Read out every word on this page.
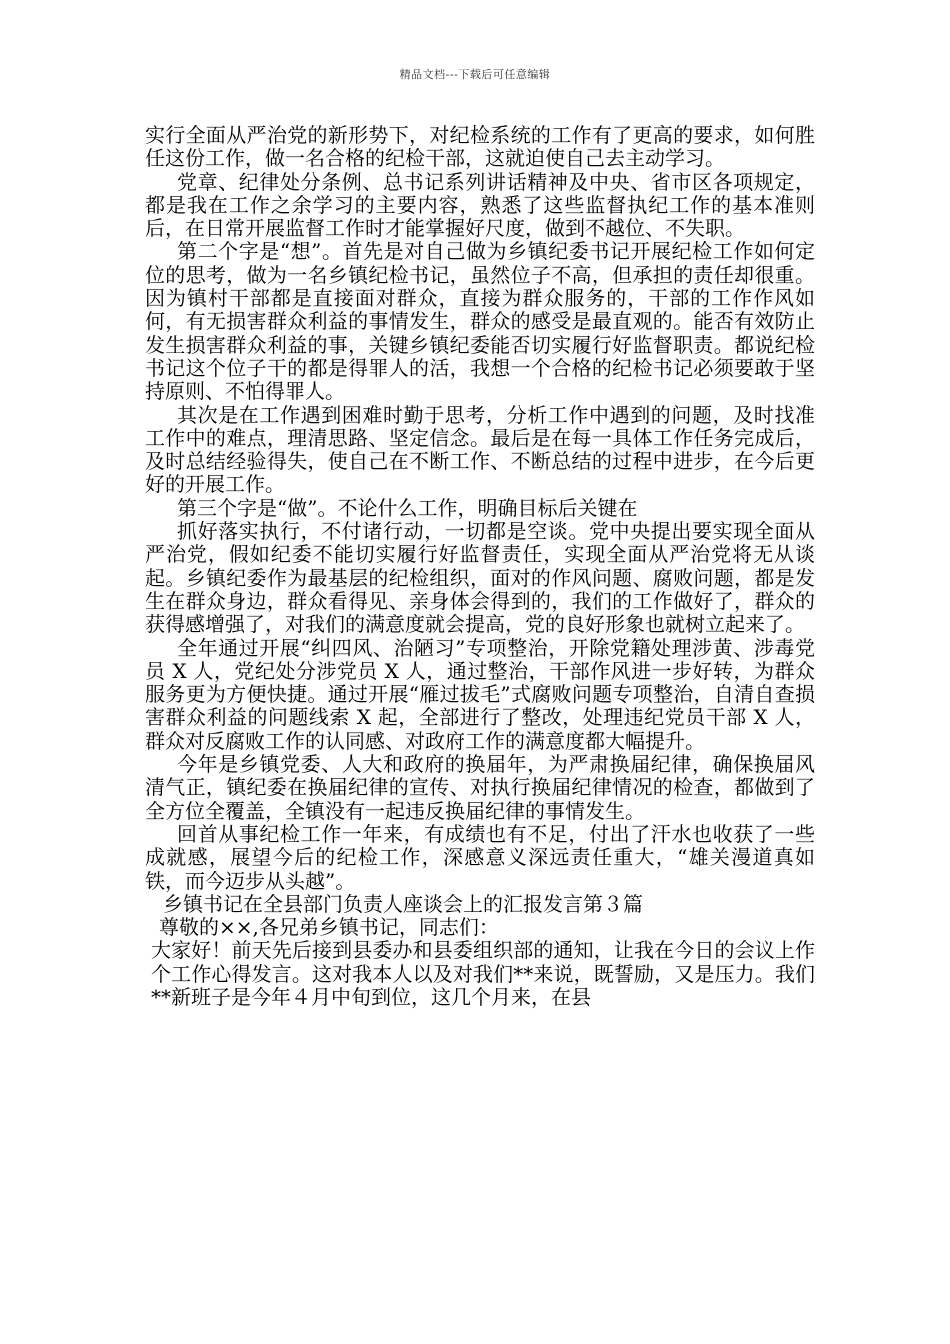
精品文档---下载后可任意编辑

实行全面从严治党的新形势下，对纪检系统的工作有了更高的要求，如何胜任这份工作，做一名合格的纪检干部，这就迫使自己去主动学习。

党章、纪律处分条例、总书记系列讲话精神及中央、省市区各项规定，都是我在工作之余学习的主要内容，熟悉了这些监督执纪工作的基本准则后，在日常开展监督工作时才能掌握好尺度，做到不越位、不失职。

第二个字是“想”。首先是对自己做为乡镇纪委书记开展纪检工作如何定位的思考，做为一名乡镇纪检书记，虽然位子不高，但承担的责任却很重。因为镇村干部都是直接面对群众，直接为群众服务的，干部的工作作风如何，有无损害群众利益的事情发生，群众的感受是最直观的。能否有效防止发生损害群众利益的事，关键乡镇纪委能否切实履行好监督职责。都说纪检书记这个位子干的都是得罪人的活，我想一个合格的纪检书记必须要敢于坚持原则、不怕得罪人。

其次是在工作遇到困难时勤于思考，分析工作中遇到的问题，及时找准工作中的难点，理清思路、坚定信念。最后是在每一具体工作任务完成后，及时总结经验得失，使自己在不断工作、不断总结的过程中进步，在今后更好的开展工作。

第三个字是“做”。不论什么工作，明确目标后关键在

抓好落实执行，不付诸行动，一切都是空谈。党中央提出要实现全面从严治党，假如纪委不能切实履行好监督责任，实现全面从严治党将无从谈起。乡镇纪委作为最基层的纪检组织，面对的作风问题、腐败问题，都是发生在群众身边，群众看得见、亲身体会得到的，我们的工作做好了，群众的获得感增强了，对我们的满意度就会提高，党的良好形象也就树立起来了。

全年通过开展“纠四风、治陋习”专项整治，开除党籍处理涉黄、涉毒党员 X 人，党纪处分涉党员 X 人，通过整治，干部作风进一步好转，为群众服务更为方便快捷。通过开展“雁过拔毛”式腐败问题专项整治，自清自查损害群众利益的问题线索 X 起，全部进行了整改，处理违纪党员干部 X 人，群众对反腐败工作的认同感、对政府工作的满意度都大幅提升。

今年是乡镇党委、人大和政府的换届年，为严肃换届纪律，确保换届风清气正，镇纪委在换届纪律的宣传、对执行换届纪律情况的检查，都做到了全方位全覆盖，全镇没有一起违反换届纪律的事情发生。

回首从事纪检工作一年来，有成绩也有不足，付出了汗水也收获了一些成就感，展望今后的纪检工作，深感意义深远责任重大，“雄关漫道真如铁，而今迈步从头越”。

乡镇书记在全县部门负责人座谈会上的汇报发言第３篇

尊敬的××,各兄弟乡镇书记，同志们：

大家好！前天先后接到县委办和县委组织部的通知，让我在今日的会议上作个工作心得发言。这对我本人以及对我们**来说，既誓励，又是压力。我们**新班子是今年４月中旬到位，这几个月来，在县
